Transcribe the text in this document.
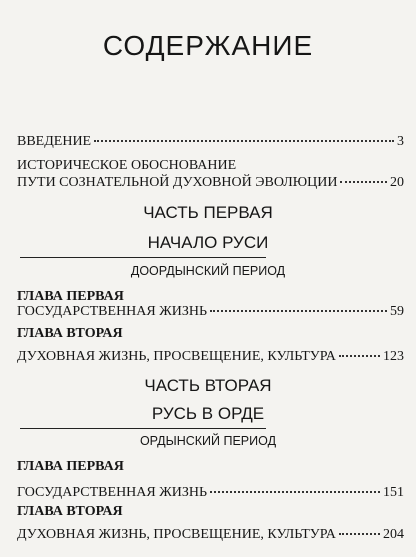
СОДЕРЖАНИЕ
ВВЕДЕНИЕ	3
ИСТОРИЧЕСКОЕ ОБОСНОВАНИЕ
ПУТИ СОЗНАТЕЛЬНОЙ ДУХОВНОЙ ЭВОЛЮЦИИ	20
ЧАСТЬ ПЕРВАЯ
НАЧАЛО РУСИ
ДООРДЫНСКИЙ ПЕРИОД
ГЛАВА ПЕРВАЯ
ГОСУДАРСТВЕННАЯ ЖИЗНЬ	59
ГЛАВА ВТОРАЯ
ДУХОВНАЯ ЖИЗНЬ, ПРОСВЕЩЕНИЕ, КУЛЬТУРА	123
ЧАСТЬ ВТОРАЯ
РУСЬ В ОРДЕ
ОРДЫНСКИЙ ПЕРИОД
ГЛАВА ПЕРВАЯ
ГОСУДАРСТВЕННАЯ ЖИЗНЬ	151
ГЛАВА ВТОРАЯ
ДУХОВНАЯ ЖИЗНЬ, ПРОСВЕЩЕНИЕ, КУЛЬТУРА	204
